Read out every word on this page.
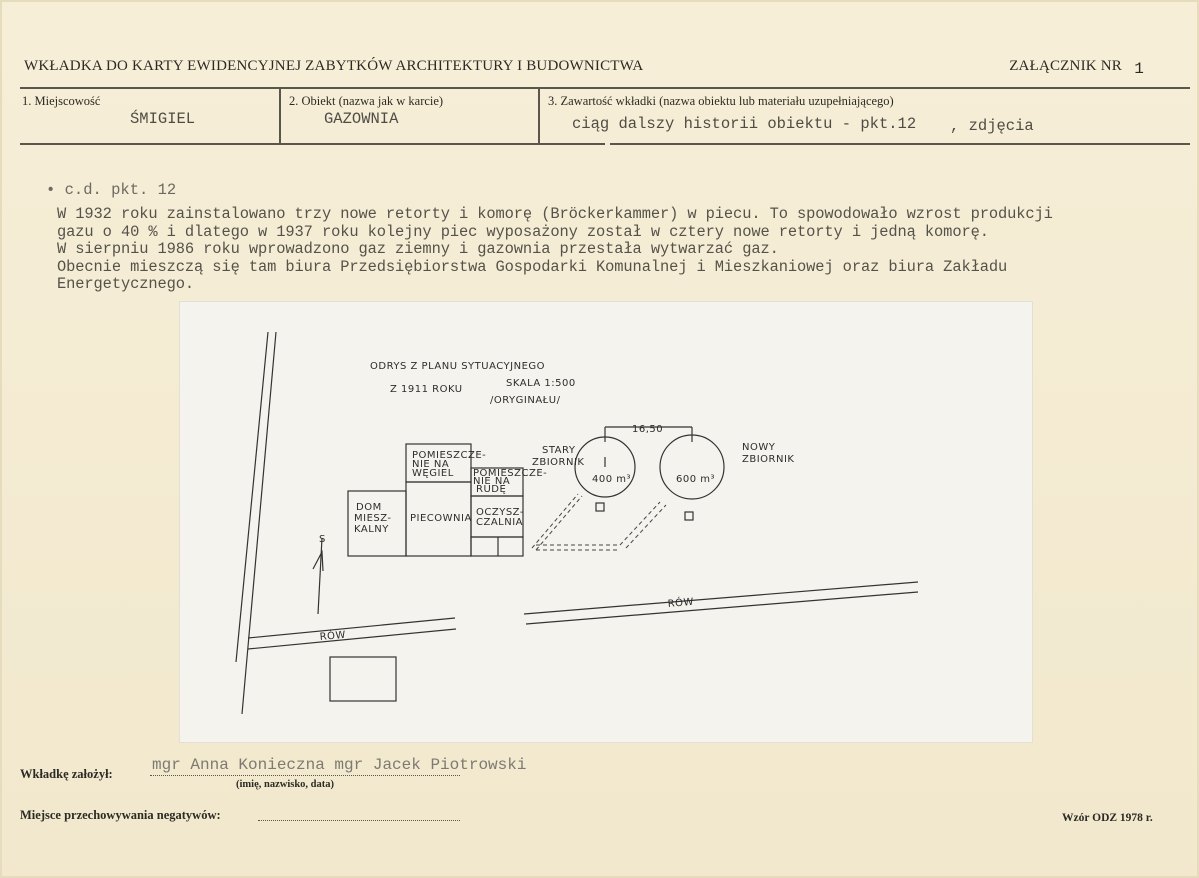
WKŁADKA DO KARTY EWIDENCYJNEJ ZABYTKÓW ARCHITEKTURY I BUDOWNICTWA	ZAŁĄCZNIK NR 1
1. Miejscowość
ŚMIGIEL
2. Obiekt (nazwa jak w karcie)
GAZOWNIA
3. Zawartość wkładki (nazwa obiektu lub materiału uzupełniającego)
ciąg dalszy historii obiektu - pkt.12 , zdjęcia
• c.d. pkt. 12
W 1932 roku zainstalowano trzy nowe retorty i komorę (Bröckerkammer) w piecu. To spowodowało wzrost produkcji
gazu o 40 % i dlatego w 1937 roku kolejny piec wyposażony został w cztery nowe retorty i jedną komorę.
W sierpniu 1986 roku wprowadzono gaz ziemny i gazownia przestała wytwarzać gaz.
Obecnie mieszczą się tam biura Przedsiębiorstwa Gospodarki Komunalnej i Mieszkaniowej oraz biura Zakładu
Energetycznego.
ODRYS Z PLANU SYTUACYJNEGO
Z 1911 ROKU
SKALA 1:500
/ORYGINAŁU/
16,50
STARY
ZBIORNIK
400 m³
NOWY
ZBIORNIK
600 m³
POMIESZCZE-
NIE NA
WĘGIEL POMIESZCZE-
NIE NA
RUDĘ
DOM
MIESZ-
KALNY
PIECOWNIA
OCZYSZ-
CZALNIA
S
RÓW
RÓW
Wkładkę założył: mgr Anna Konieczna mgr Jacek Piotrowski
(imię, nazwisko, data)
Miejsce przechowywania negatywów:	Wzór ODZ 1978 r.
